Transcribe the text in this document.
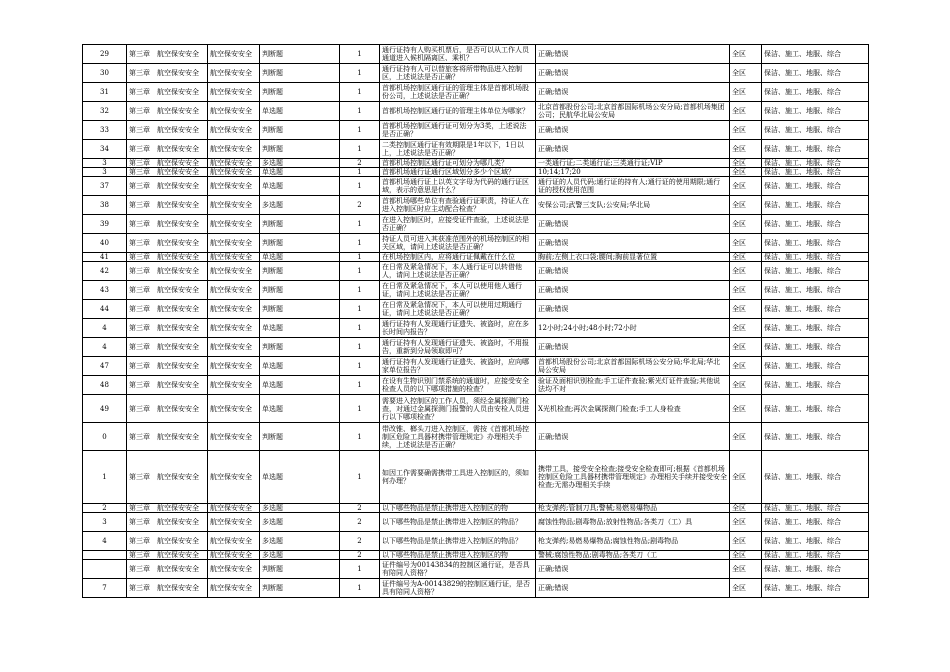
29	第三章　航空保安安全	航空保安安全	判断题	1	通行证持有人购买机票后，是否可以从工作人员通道进入候机隔离区、乘机？	正确;错误	全区	保洁、施工、地服、综合
30	第三章　航空保安安全	航空保安安全	判断题	1	通行证持有人可以替旅客将所带物品进入控制区，上述说法是否正确？	正确;错误	全区	保洁、施工、地服、综合
31	第三章　航空保安安全	航空保安安全	判断题	1	首都机场控制区通行证的管理主体是首都机场股份公司，上述说法是否正确？	正确;错误	全区	保洁、施工、地服、综合
32	第三章　航空保安安全	航空保安安全	单选题	1	首都机场控制区通行证的管理主体单位为哪家？	北京首都股份公司;北京首都国际机场公安分局;首都机场集团公司；民航华北局公安局	全区	保洁、施工、地服、综合
33	第三章　航空保安安全	航空保安安全	判断题	1	首都机场控制区通行证可划分为3类，上述说法是否正确？	正确;错误	全区	保洁、施工、地服、综合
34	第三章　航空保安安全	航空保安安全	判断题	1	二类控制区通行证有效期限是1年以下，1日以上，上述说法是否正确？	正确;错误	全区	保洁、施工、地服、综合
3	第三章　航空保安安全	航空保安安全	多选题	2	首都机场控制区通行证可划分为哪几类？	一类通行证;二类通行证;三类通行证;VIP	全区	保洁、施工、地服、综合
3	第三章　航空保安安全	航空保安安全	单选题	1	首都机场通行证通行区域划分多少个区域？	10;14;17;20	全区	保洁、施工、地服、综合
37	第三章　航空保安安全	航空保安安全	单选题	1	首都机场通行证上以英文字母为代码的通行证区域，表示的意思是什么？	通行证的人员代码;通行证的持有人;通行证的使用期限;通行证的授权使用范围	全区	保洁、施工、地服、综合
38	第三章　航空保安安全	航空保安安全	多选题	2	首都机场哪些单位有查验通行证职责，持证人在进入控制区时应主动配合检查？	安保公司;武警三支队;公安局;华北局	全区	保洁、施工、地服、综合
39	第三章　航空保安安全	航空保安安全	判断题	1	在进入控制区时，应接受证件查验，上述说法是否正确？	正确;错误	全区	保洁、施工、地服、综合
40	第三章　航空保安安全	航空保安安全	判断题	1	持证人员可进入其获准范围外的机场控制区的相关区域，请问上述说法是否正确？	正确;错误	全区	保洁、施工、地服、综合
41	第三章　航空保安安全	航空保安安全	单选题	1	在机场控制区内，应将通行证佩戴在什么位	胸前;左侧上衣口袋;腰间;胸前显著位置	全区	保洁、施工、地服、综合
42	第三章　航空保安安全	航空保安安全	判断题	1	在日常及紧急情况下，本人通行证可以转借他人，请问上述说法是否正确？	正确;错误	全区	保洁、施工、地服、综合
43	第三章　航空保安安全	航空保安安全	判断题	1	在日常及紧急情况下，本人可以使用他人通行证，请问上述说法是否正确？	正确;错误	全区	保洁、施工、地服、综合
44	第三章　航空保安安全	航空保安安全	判断题	1	在日常及紧急情况下，本人可以使用过期通行证，请问上述说法是否正确？	正确;错误	全区	保洁、施工、地服、综合
4	第三章　航空保安安全	航空保安安全	单选题	1	通行证持有人发现通行证遗失、被盗时，应在多长时间内报告？	12小时;24小时;48小时;72小时	全区	保洁、施工、地服、综合
4	第三章　航空保安安全	航空保安安全	判断题	1	通行证持有人发现通行证遗失、被盗时，不用报告，重新到分局领取即可？	正确;错误	全区	保洁、施工、地服、综合
47	第三章　航空保安安全	航空保安安全	单选题	1	通行证持有人发现通行证遗失、被盗时，应向哪家单位报告？	首都机场股份公司;北京首都国际机场公安分局;华北局;华北局公安局	全区	保洁、施工、地服、综合
48	第三章　航空保安安全	航空保安安全	单选题	1	在设有生物识别门禁系统的通道时，应接受安全检查人员的以下哪项措施的检查？	验证及面相识别检查;手工证件查验;紫光灯证件查验;其他说法均不对	全区	保洁、施工、地服、综合
49	第三章　航空保安安全	航空保安安全	单选题	1	需要进入控制区的工作人员，须经金属探测门检查，对通过金属探测门报警的人员由安检人员进行以下哪项检查？	X光机检查;再次金属探测门检查;手工人身检查	全区	保洁、施工、地服、综合
0	第三章　航空保安安全	航空保安安全	判断题	1	带改锥、榔头刀进入控制区，需按《首都机场控制区危险工具器材携带管理规定》办理相关手续，上述说法是否正确？	正确;错误	全区	保洁、施工、地服、综合
1	第三章　航空保安安全	航空保安安全	单选题	1	如因工作需要确需携带工具进入控制区的，须如何办理？	携带工具，接受安全检查;接受安全检查即可;根据《首都机场控制区危险工具器材携带管理规定》办理相关手续并接受安全检查;无需办理相关手续	全区	保洁、施工、地服、综合
2	第三章　航空保安安全	航空保安安全	多选题	2	以下哪些物品是禁止携带进入控制区的物	枪支弹药;管制刀具;警械;易燃易爆物品	全区	保洁、施工、地服、综合
3	第三章　航空保安安全	航空保安安全	多选题	2	以下哪些物品是禁止携带进入控制区的物品？	腐蚀性物品;剧毒物品;放射性物品;各类刀（工）具	全区	保洁、施工、地服、综合
4	第三章　航空保安安全	航空保安安全	多选题	2	以下哪些物品是禁止携带进入控制区的物品？	枪支弹药;易燃易爆物品;腐蚀性物品;剧毒物品	全区	保洁、施工、地服、综合
	第三章　航空保安安全	航空保安安全	多选题	2	以下哪些物品是禁止携带进入控制区的物	警械;腐蚀性物品;剧毒物品;各类刀（工	全区	保洁、施工、地服、综合
	第三章　航空保安安全	航空保安安全	判断题	1	证件编号为00143834的控制区通行证，是否具有陪同人资格？	正确;错误	全区	保洁、施工、地服、综合
7	第三章　航空保安安全	航空保安安全	判断题	1	证件编号为A-00143829的控制区通行证，是否具有陪同人资格？	正确;错误	全区	保洁、施工、地服、综合
